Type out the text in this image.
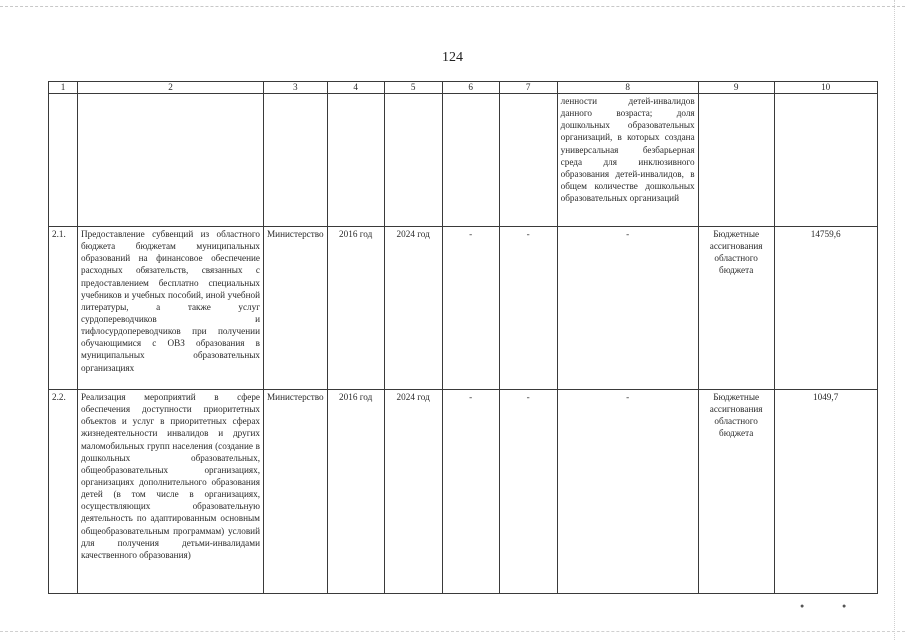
124
1	2	3	4	5	6	7	8	9	10
							ленности детей-инвалидов данного возраста; доля дошкольных образовательных организаций, в которых создана универсальная безбарьерная среда для инклюзивного образования детей-инвалидов, в общем количестве дошкольных образовательных организаций		
2.1.	Предоставление субвенций из областного бюджета бюджетам муниципальных образований на финансовое обеспечение расходных обязательств, связанных с предоставлением бесплатно специальных учебников и учебных пособий, иной учебной литературы, а также услуг сурдопереводчиков и тифлосурдопереводчиков при получении обучающимися с ОВЗ образования в муниципальных образовательных организациях	Министерство	2016 год	2024 год	-	-	-	Бюджетные ассигнования областного бюджета	14759,6
2.2.	Реализация мероприятий в сфере обеспечения доступности приоритетных объектов и услуг в приоритетных сферах жизнедеятельности инвалидов и других маломобильных групп населения (создание в дошкольных образовательных, общеобразовательных организациях, организациях дополнительного образования детей (в том числе в организациях, осуществляющих образовательную деятельность по адаптированным основным общеобразовательным программам) условий для получения детьми-инвалидами качественного образования)	Министерство	2016 год	2024 год	-	-	-	Бюджетные ассигнования областного бюджета	1049,7
●	●
